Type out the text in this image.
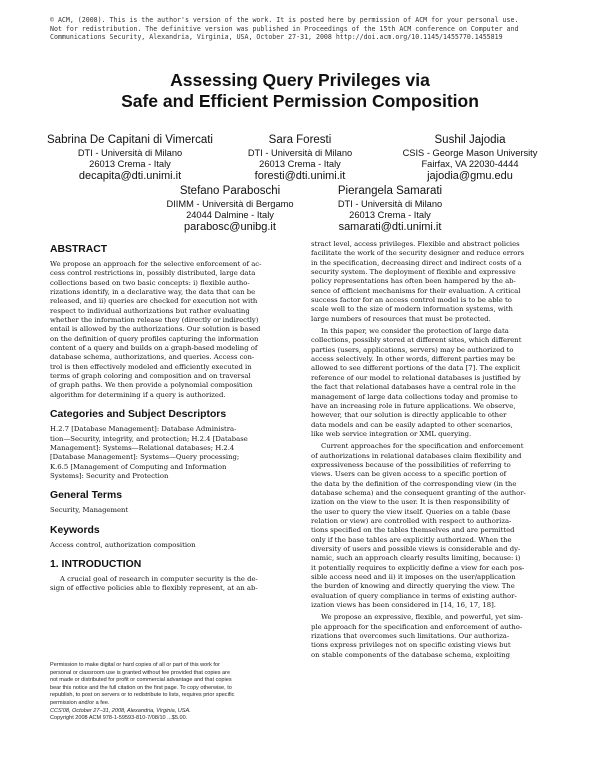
© ACM, (2008). This is the author's version of the work. It is posted here by permission of ACM for your personal use.
Not for redistribution. The definitive version was published in Proceedings of the 15th ACM conference on Computer and
Communications Security, Alexandria, Virginia, USA, October 27-31, 2008 http://doi.acm.org/10.1145/1455770.1455819
Assessing Query Privileges via
Safe and Efficient Permission Composition
Sabrina De Capitani di Vimercati
DTI - Università di Milano
26013 Crema - Italy
decapita@dti.unimi.it
Sara Foresti
DTI - Università di Milano
26013 Crema - Italy
foresti@dti.unimi.it
Sushil Jajodia
CSIS - George Mason University
Fairfax, VA 22030-4444
jajodia@gmu.edu
Stefano Paraboschi
DIIMM - Università di Bergamo
24044 Dalmine - Italy
parabosc@unibg.it
Pierangela Samarati
DTI - Università di Milano
26013 Crema - Italy
samarati@dti.unimi.it
ABSTRACT
We propose an approach for the selective enforcement of ac-
cess control restrictions in, possibly distributed, large data
collections based on two basic concepts: i) flexible autho-
rizations identify, in a declarative way, the data that can be
released, and ii) queries are checked for execution not with
respect to individual authorizations but rather evaluating
whether the information release they (directly or indirectly)
entail is allowed by the authorizations. Our solution is based
on the definition of query profiles capturing the information
content of a query and builds on a graph-based modeling of
database schema, authorizations, and queries. Access con-
trol is then effectively modeled and efficiently executed in
terms of graph coloring and composition and on traversal
of graph paths. We then provide a polynomial composition
algorithm for determining if a query is authorized.
Categories and Subject Descriptors
H.2.7 [Database Management]: Database Administra-
tion—Security, integrity, and protection; H.2.4 [Database
Management]: Systems—Relational databases; H.2.4
[Database Management]: Systems—Query processing;
K.6.5 [Management of Computing and Information
Systems]: Security and Protection
General Terms
Security, Management
Keywords
Access control, authorization composition
1. INTRODUCTION
A crucial goal of research in computer security is the de-
sign of effective policies able to flexibly represent, at an ab-
Permission to make digital or hard copies of all or part of this work for
personal or classroom use is granted without fee provided that copies are
not made or distributed for profit or commercial advantage and that copies
bear this notice and the full citation on the first page. To copy otherwise, to
republish, to post on servers or to redistribute to lists, requires prior specific
permission and/or a fee.
CCS'08, October 27–31, 2008, Alexandria, Virginia, USA.
Copyright 2008 ACM 978-1-59593-810-7/08/10 ...$5.00.
stract level, access privileges. Flexible and abstract policies
facilitate the work of the security designer and reduce errors
in the specification, decreasing direct and indirect costs of a
security system. The deployment of flexible and expressive
policy representations has often been hampered by the ab-
sence of efficient mechanisms for their evaluation. A critical
success factor for an access control model is to be able to
scale well to the size of modern information systems, with
large numbers of resources that must be protected.
In this paper, we consider the protection of large data
collections, possibly stored at different sites, which different
parties (users, applications, servers) may be authorized to
access selectively. In other words, different parties may be
allowed to see different portions of the data [7]. The explicit
reference of our model to relational databases is justified by
the fact that relational databases have a central role in the
management of large data collections today and promise to
have an increasing role in future applications. We observe,
however, that our solution is directly applicable to other
data models and can be easily adapted to other scenarios,
like web service integration or XML querying.
Current approaches for the specification and enforcement
of authorizations in relational databases claim flexibility and
expressiveness because of the possibilities of referring to
views. Users can be given access to a specific portion of
the data by the definition of the corresponding view (in the
database schema) and the consequent granting of the author-
ization on the view to the user. It is then responsibility of
the user to query the view itself. Queries on a table (base
relation or view) are controlled with respect to authoriza-
tions specified on the tables themselves and are permitted
only if the base tables are explicitly authorized. When the
diversity of users and possible views is considerable and dy-
namic, such an approach clearly results limiting, because: i)
it potentially requires to explicitly define a view for each pos-
sible access need and ii) it imposes on the user/application
the burden of knowing and directly querying the view. The
evaluation of query compliance in terms of existing author-
ization views has been considered in [14, 16, 17, 18].
We propose an expressive, flexible, and powerful, yet sim-
ple approach for the specification and enforcement of autho-
rizations that overcomes such limitations. Our authoriza-
tions express privileges not on specific existing views but
on stable components of the database schema, exploiting
